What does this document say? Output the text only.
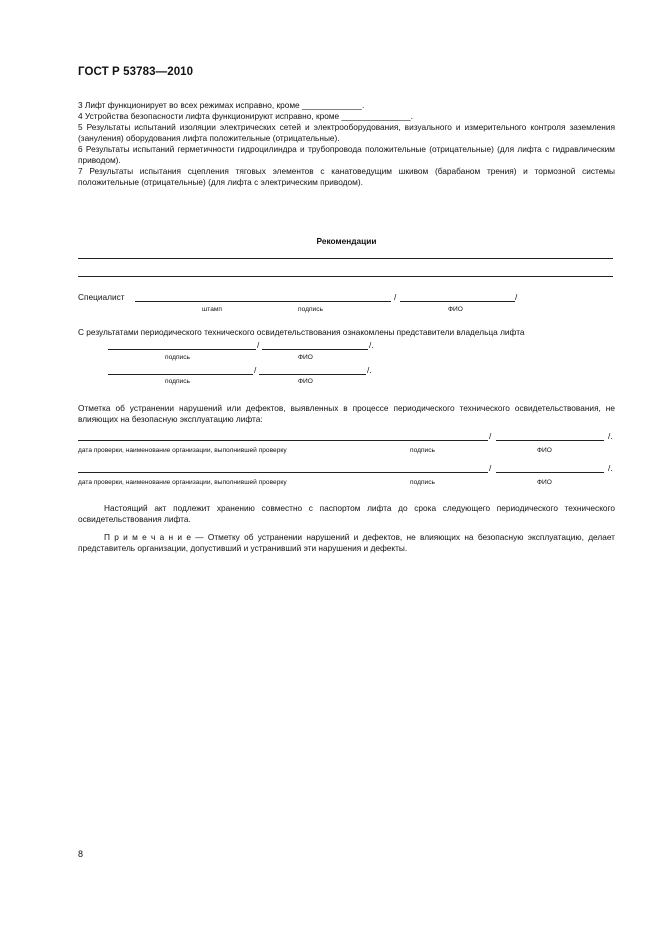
ГОСТ Р 53783—2010
3 Лифт функционирует во всех режимах исправно, кроме _____________.
4 Устройства безопасности лифта функционируют исправно, кроме _______________.
5 Результаты испытаний изоляции электрических сетей и электрооборудования, визуального и измерительного контроля заземления (зануления) оборудования лифта положительные (отрицательные).
6 Результаты испытаний герметичности гидроцилиндра и трубопровода положительные (отрицательные) (для лифта с гидравлическим приводом).
7 Результаты испытания сцепления тяговых элементов с канатоведущим шкивом (барабаном трения) и тормозной системы положительные (отрицательные) (для лифта с электрическим приводом).
Рекомендации
Специалист	/	/
штамп	подпись	ФИО
С результатами периодического технического освидетельствования ознакомлены представители владельца лифта
/	/.
подпись	ФИО
/	/.
подпись	ФИО
Отметка об устранении нарушений или дефектов, выявленных в процессе периодического технического освидетельствования, не влияющих на безопасную эксплуатацию лифта:
/	/.
дата проверки, наименование организации, выполнившей проверку	подпись	ФИО
/	/.
дата проверки, наименование организации, выполнившей проверку	подпись	ФИО
Настоящий акт подлежит хранению совместно с паспортом лифта до срока следующего периодического технического освидетельствования лифта.
П р и м е ч а н и е — Отметку об устранении нарушений и дефектов, не влияющих на безопасную эксплуатацию, делает представитель организации, допустивший и устранивший эти нарушения и дефекты.
8
